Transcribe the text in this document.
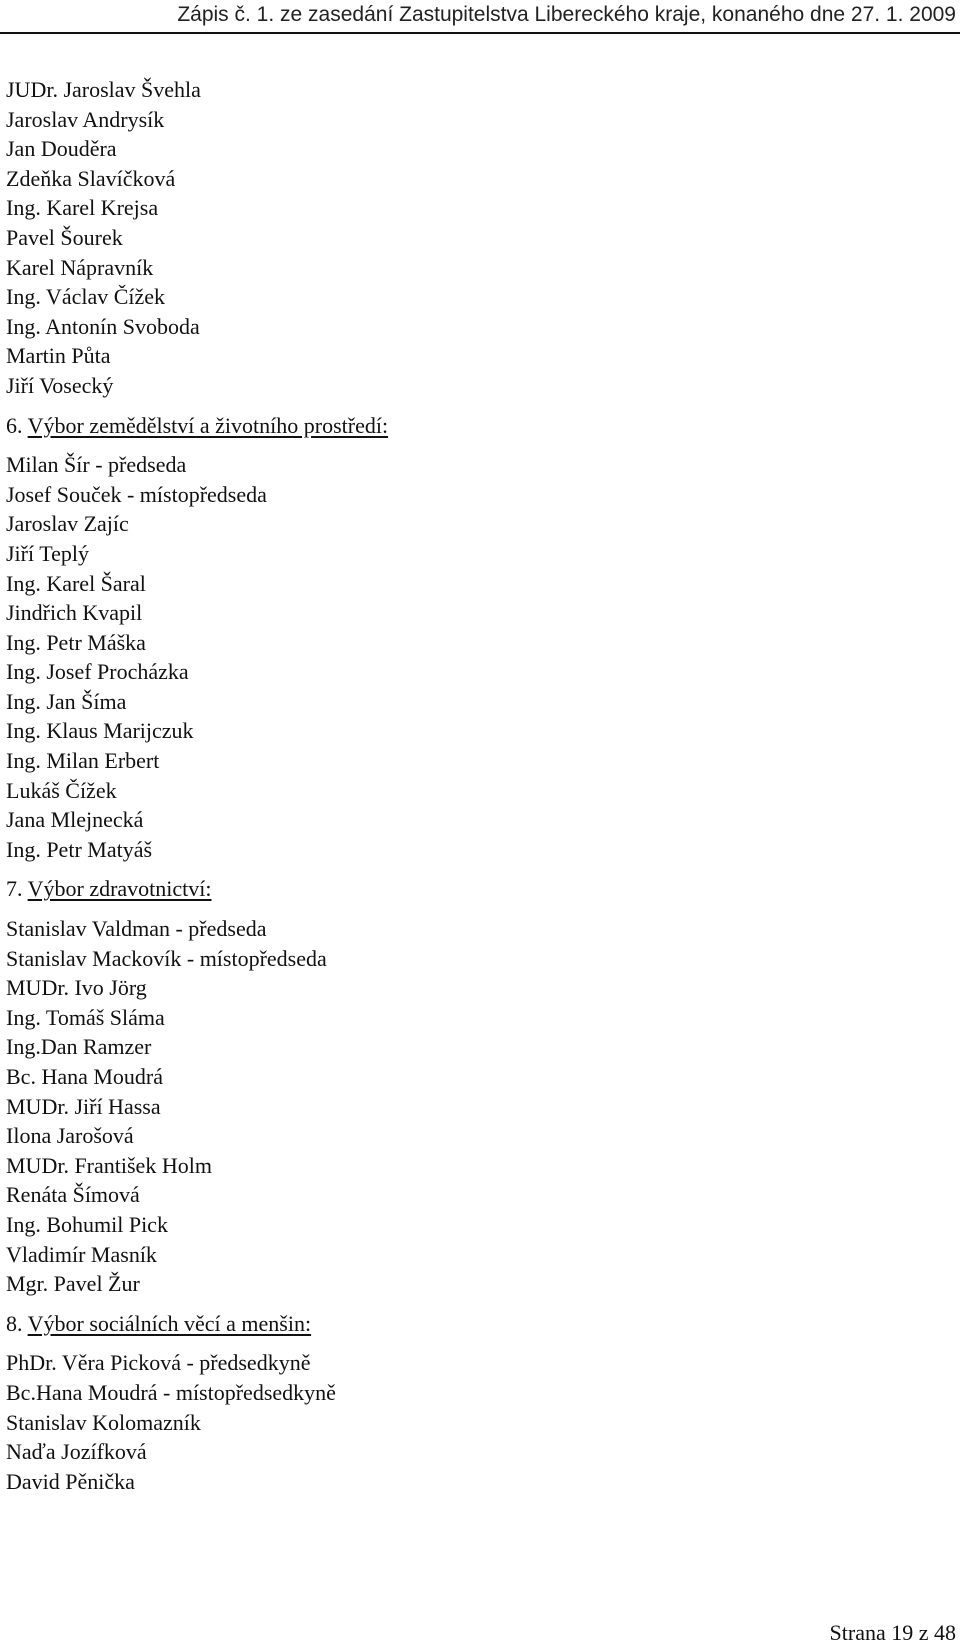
Zápis č. 1. ze zasedání Zastupitelstva Libereckého kraje, konaného dne 27. 1. 2009
JUDr. Jaroslav Švehla
Jaroslav Andrysík
Jan Douděra
Zdeňka Slavíčková
Ing. Karel Krejsa
Pavel Šourek
Karel Nápravník
Ing. Václav Čížek
Ing. Antonín Svoboda
Martin Půta
Jiří Vosecký
6. Výbor zemědělství a životního prostředí:
Milan Šír - předseda
Josef Souček - místopředseda
Jaroslav Zajíc
Jiří Teplý
Ing. Karel Šaral
Jindřich Kvapil
Ing. Petr Máška
Ing. Josef Procházka
Ing. Jan Šíma
Ing. Klaus Marijczuk
Ing. Milan Erbert
Lukáš Čížek
Jana Mlejnecká
Ing. Petr Matyáš
7. Výbor zdravotnictví:
Stanislav Valdman - předseda
Stanislav Mackovík - místopředseda
MUDr. Ivo Jörg
Ing. Tomáš Sláma
Ing.Dan Ramzer
Bc. Hana Moudrá
MUDr. Jiří Hassa
Ilona Jarošová
MUDr. František Holm
Renáta Šímová
Ing. Bohumil Pick
Vladimír Masník
Mgr. Pavel Žur
8. Výbor sociálních věcí a menšin:
PhDr. Věra Picková - předsedkyně
Bc.Hana Moudrá - místopředsedkyně
Stanislav Kolomazník
Naďa Jozífková
David Pěnička
Strana 19 z 48
